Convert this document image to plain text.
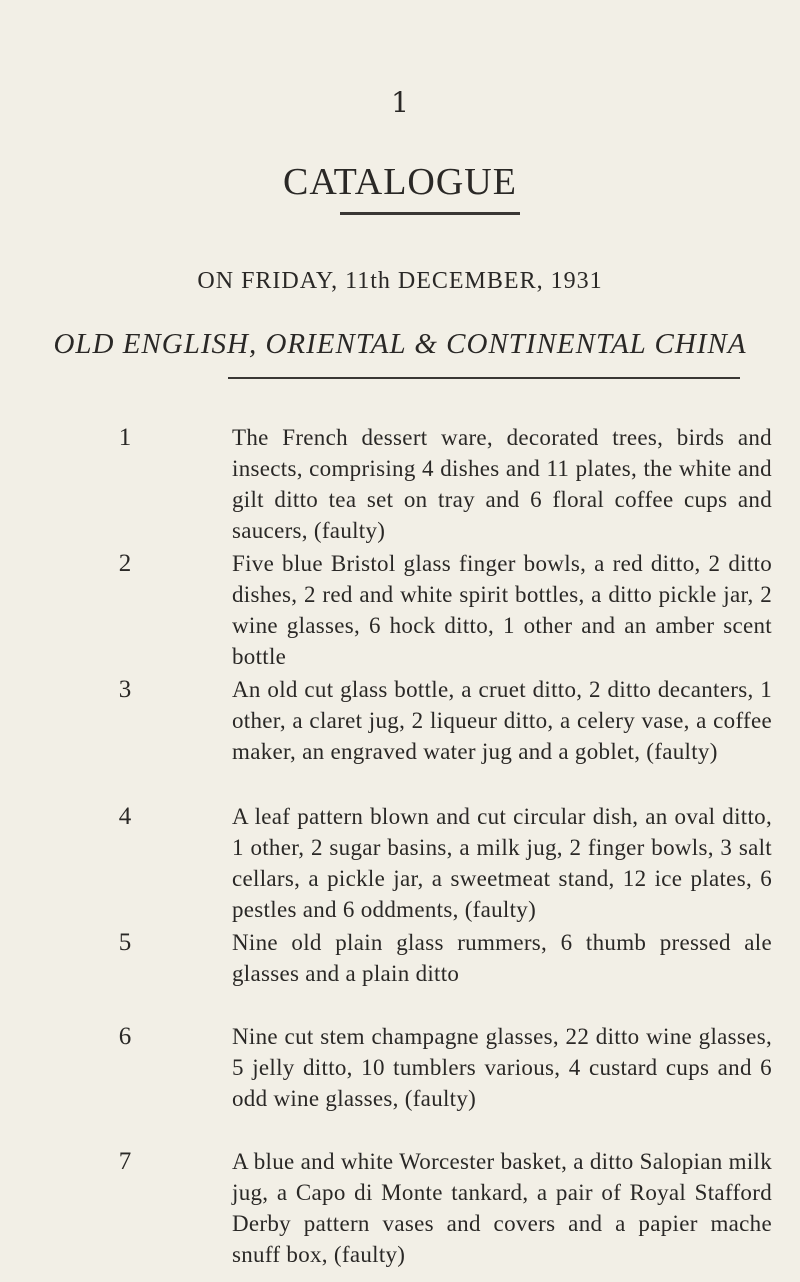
1
CATALOGUE
ON FRIDAY, 11th DECEMBER, 1931
OLD ENGLISH, ORIENTAL & CONTINENTAL CHINA
1	The French dessert ware, decorated trees, birds and insects, comprising 4 dishes and 11 plates, the white and gilt ditto tea set on tray and 6 floral coffee cups and saucers, (faulty)
2	Five blue Bristol glass finger bowls, a red ditto, 2 ditto dishes, 2 red and white spirit bottles, a ditto pickle jar, 2 wine glasses, 6 hock ditto, 1 other and an amber scent bottle
3	An old cut glass bottle, a cruet ditto, 2 ditto decanters, 1 other, a claret jug, 2 liqueur ditto, a celery vase, a coffee maker, an engraved water jug and a goblet, (faulty)
4	A leaf pattern blown and cut circular dish, an oval ditto, 1 other, 2 sugar basins, a milk jug, 2 finger bowls, 3 salt cellars, a pickle jar, a sweetmeat stand, 12 ice plates, 6 pestles and 6 oddments, (faulty)
5	Nine old plain glass rummers, 6 thumb pressed ale glasses and a plain ditto
6	Nine cut stem champagne glasses, 22 ditto wine glasses, 5 jelly ditto, 10 tumblers various, 4 custard cups and 6 odd wine glasses, (faulty)
7	A blue and white Worcester basket, a ditto Salopian milk jug, a Capo di Monte tankard, a pair of Royal Stafford Derby pattern vases and covers and a papier mache snuff box, (faulty)
